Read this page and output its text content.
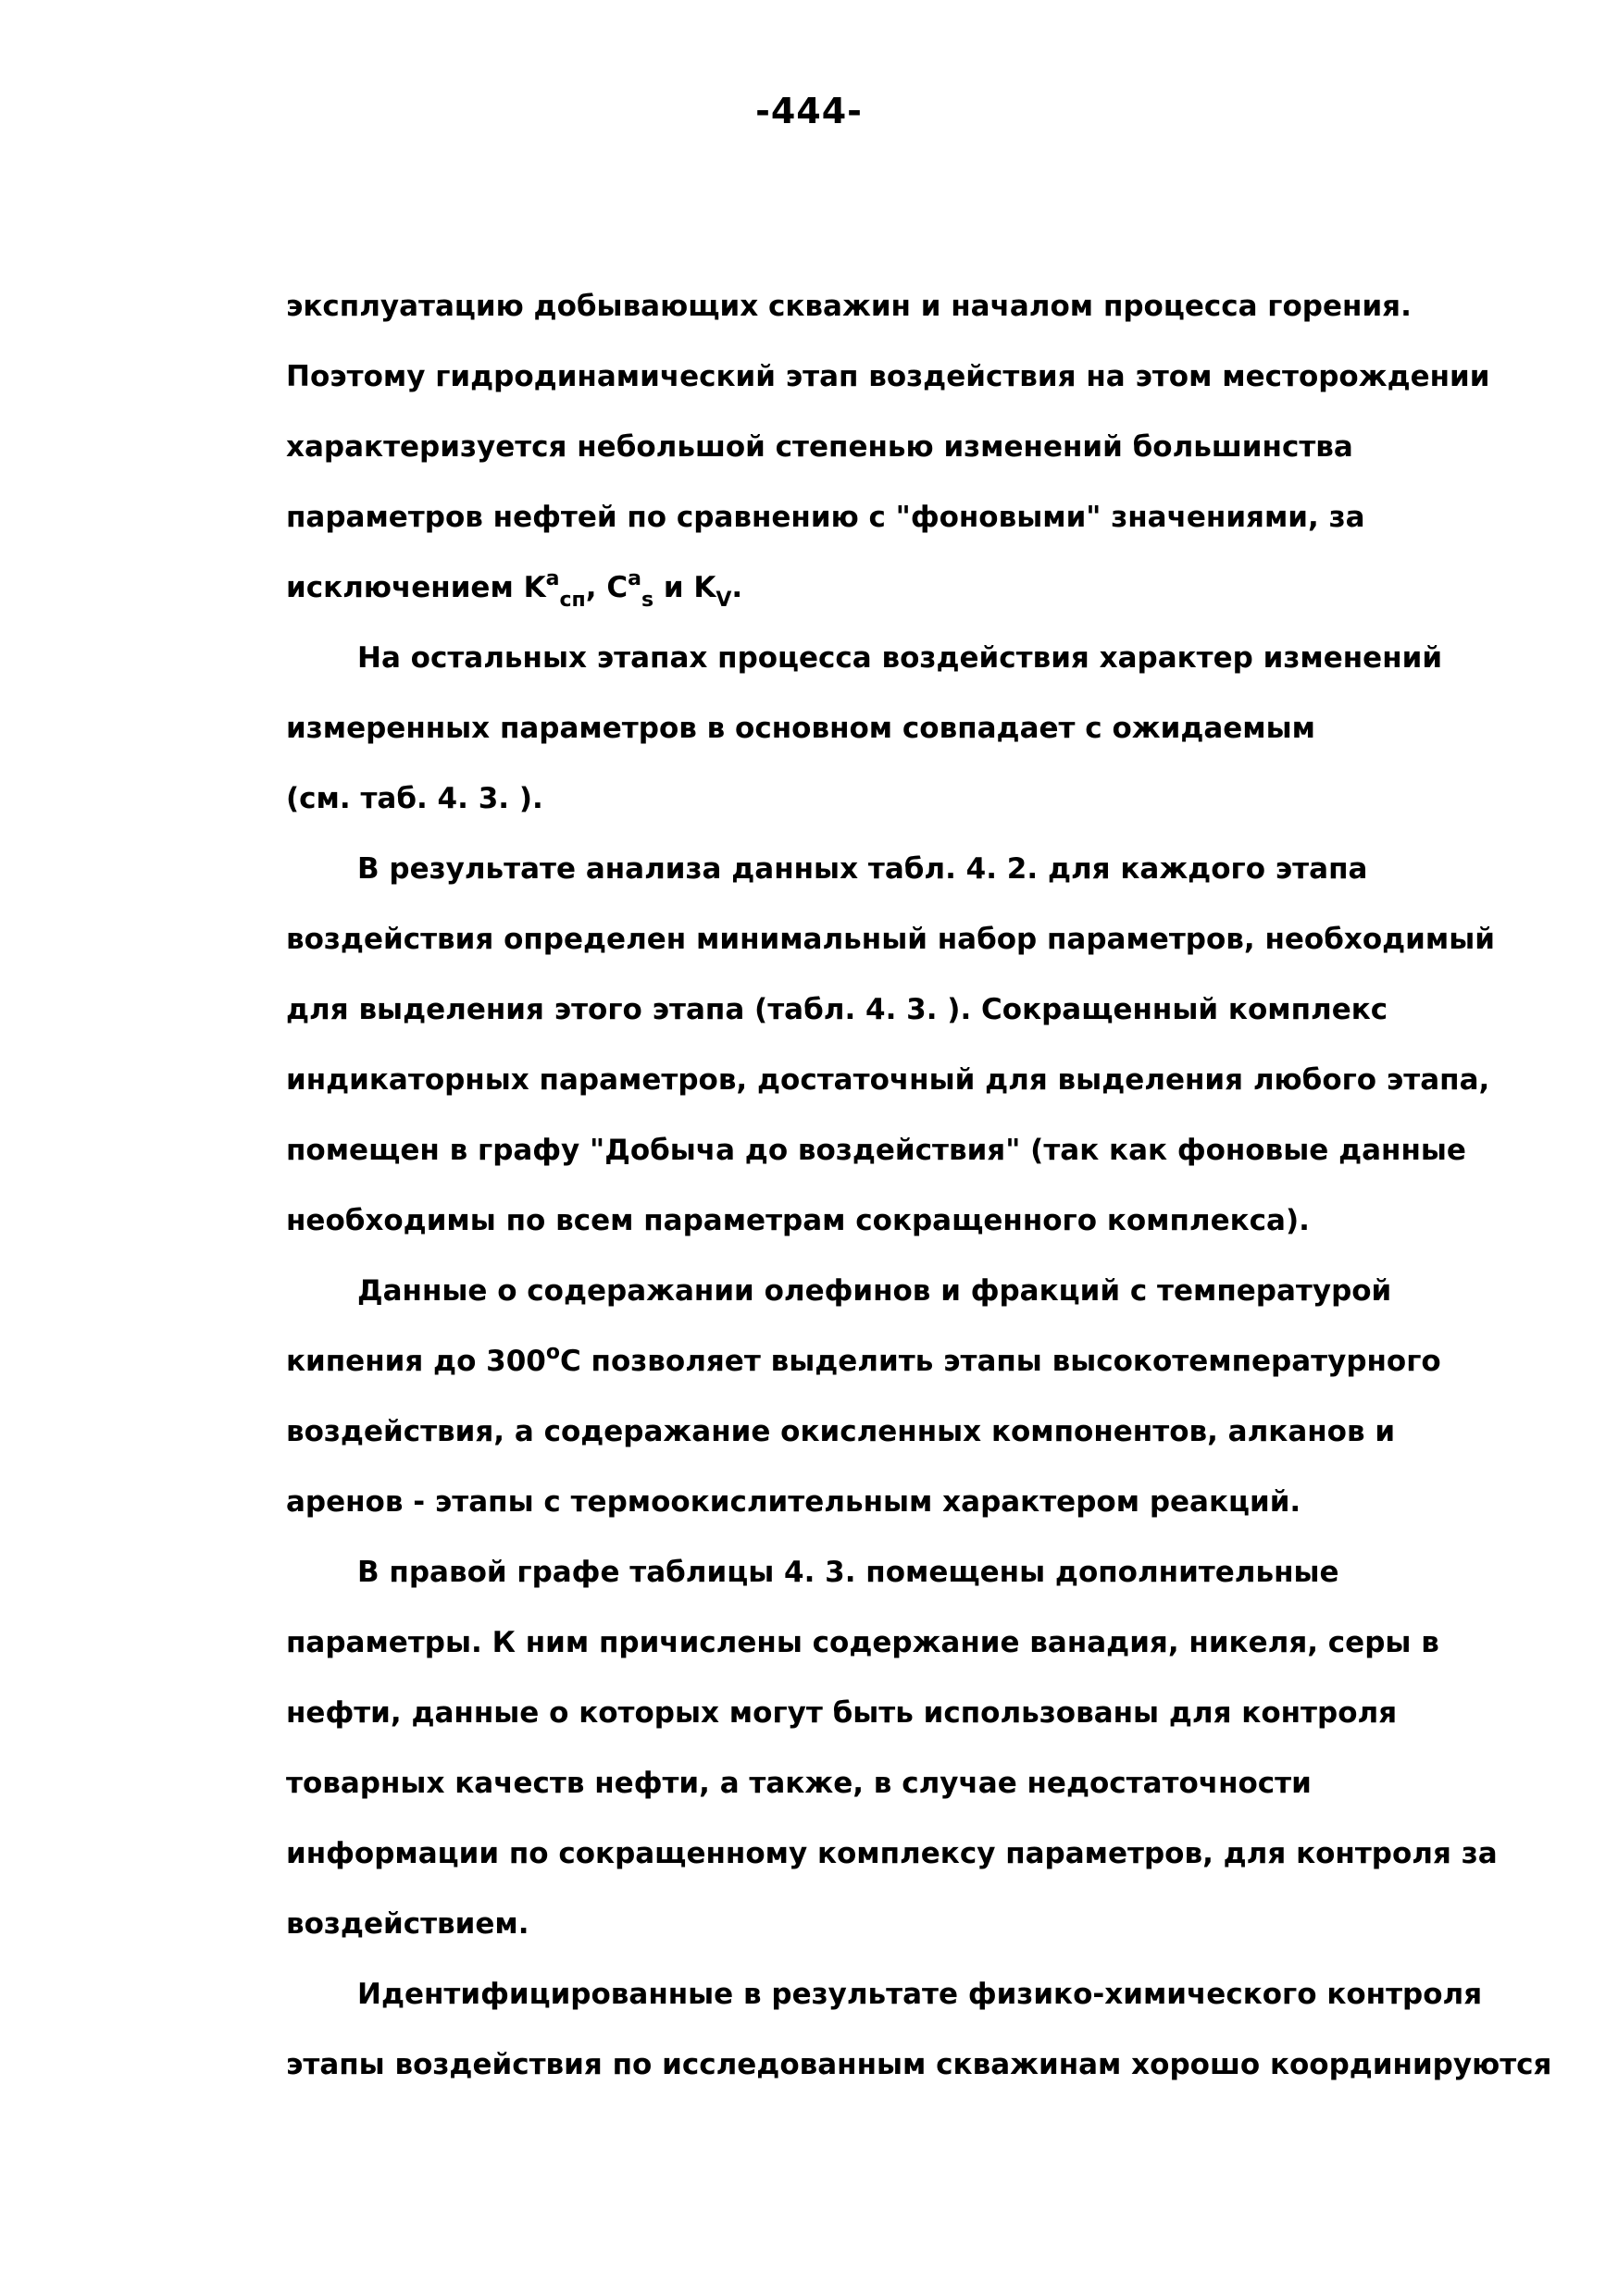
-444-
эксплуатацию добывающих скважин и началом процесса горения.
Поэтому гидродинамический этап воздействия на этом месторождении
характеризуется небольшой степенью изменений большинства
параметров нефтей по сравнению с "фоновыми" значениями, за
исключением $K^a_{сп}$, $C^a_s$ и $K_V$.
На остальных этапах процесса воздействия характер изменений
измеренных параметров в основном совпадает с ожидаемым
(см. таб. 4. 3. ).
В результате анализа данных табл. 4. 2. для каждого этапа
воздействия определен минимальный набор параметров, необходимый
для выделения этого этапа (табл. 4. 3. ). Сокращенный комплекс
индикаторных параметров, достаточный для выделения любого этапа,
помещен в графу "Добыча до воздействия" (так как фоновые данные
необходимы по всем параметрам сокращенного комплекса).
Данные о содеражании олефинов и фракций с температурой
кипения до 300$^o$С позволяет выделить этапы высокотемпературного
воздействия, а содеражание окисленных компонентов, алканов и
аренов - этапы с термоокислительным характером реакций.
В правой графе таблицы 4. 3. помещены дополнительные
параметры. К ним причислены содержание ванадия, никеля, серы в
нефти, данные о которых могут быть использованы для контроля
товарных качеств нефти, а также, в случае недостаточности
информации по сокращенному комплексу параметров, для контроля за
воздействием.
Идентифицированные в результате физико-химического контроля
этапы воздействия по исследованным скважинам хорошо координируются
